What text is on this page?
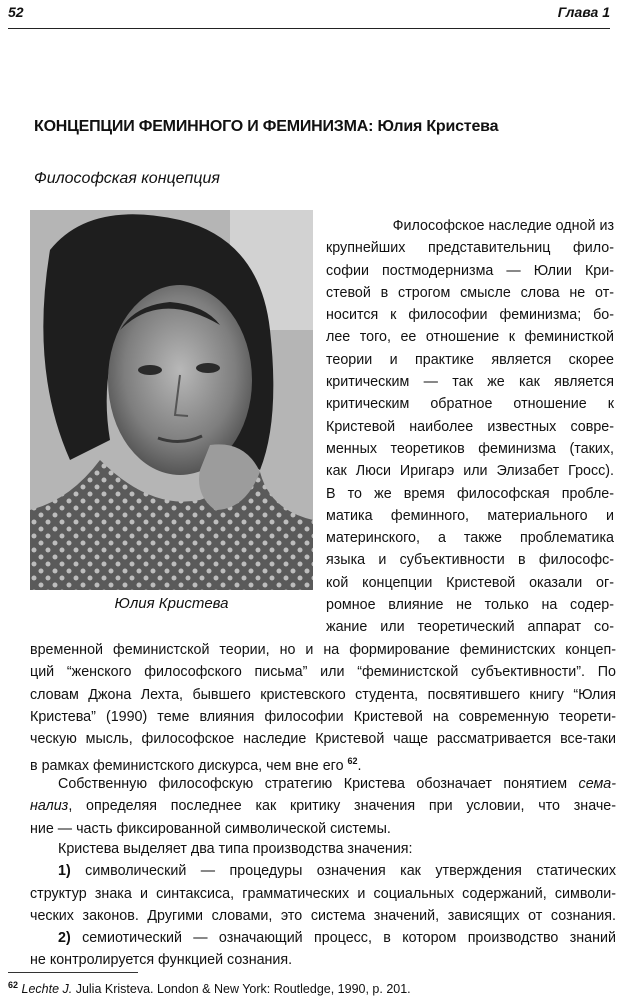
52	Глава 1
КОНЦЕПЦИИ ФЕМИННОГО И ФЕМИНИЗМА: Юлия Кристева
Философская концепция
Юлия Кристева
Философское наследие одной из
крупнейших представительниц фило-
софии постмодернизма — Юлии Кри-
стевой в строгом смысле слова не от-
носится к философии феминизма; бо-
лее того, ее отношение к феминисткой
теории и практике является скорее
критическим — так же как является
критическим обратное отношение к
Кристевой наиболее известных совре-
менных теоретиков феминизма (таких,
как Люси Иригарэ или Элизабет Гросс).
В то же время философская пробле-
матика феминного, материального и
материнского, а также проблематика
языка и субъективности в философс-
кой концепции Кристевой оказали ог-
ромное влияние не только на содер-
жание или теоретический аппарат со-
временной феминистской теории, но и на формирование феминистских концеп-
ций “женского философского письма” или “феминистской субъективности”. По
словам Джона Лехта, бывшего кристевского студента, посвятившего книгу “Юлия
Кристева” (1990) теме влияния философии Кристевой на современную теорети-
ческую мысль, философское наследие Кристевой чаще рассматривается все-таки
в рамках феминистского дискурса, чем вне его $^{62}$.
Собственную философскую стратегию Кристева обозначает понятием сема-
нализ, определяя последнее как критику значения при условии, что значе-
ние — часть фиксированной символической системы.
Кристева выделяет два типа производства значения:
1) символический — процедуры означения как утверждения статических
структур знака и синтаксиса, грамматических и социальных содержаний, символи-
ческих законов. Другими словами, это система значений, зависящих от сознания.
2) семиотический — означающий процесс, в котором производство знаний
не контролируется функцией сознания.
$^{62}$ Lechte J. Julia Kristeva. London & New York: Routledge, 1990, p. 201.
